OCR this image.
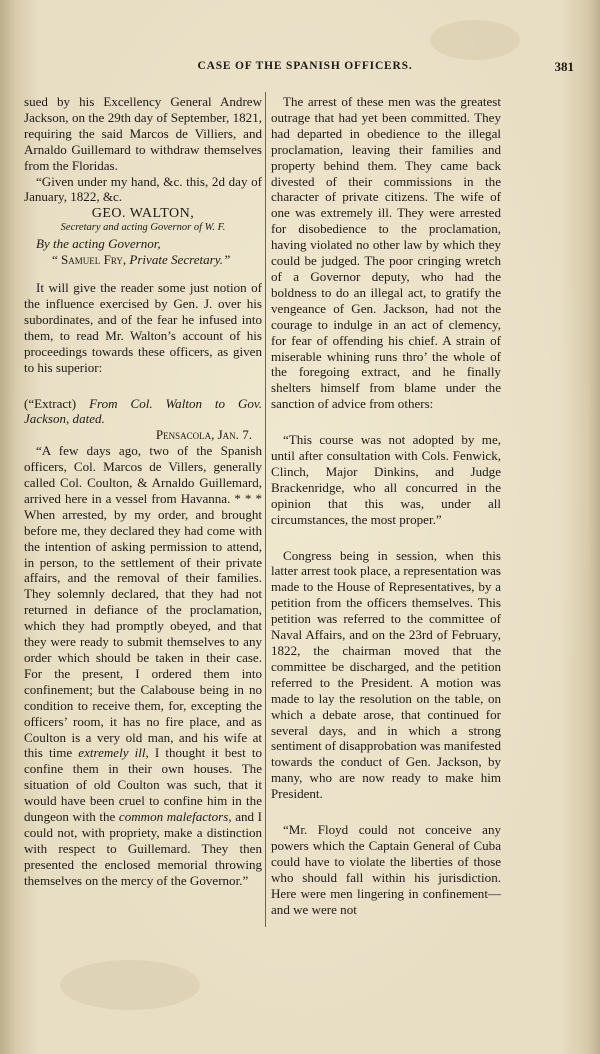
CASE OF THE SPANISH OFFICERS.	381

sued by his Excellency General Andrew Jackson, on the 29th day of September, 1821, requiring the said Marcos de Villiers, and Arnaldo Guillemard to withdraw themselves from the Floridas.

“Given under my hand, &c. this, 2d day of January, 1822, &c.

GEO. WALTON,

Secretary and acting Governor of W. F.

By the acting Governor,

“ Samuel Fry, Private Secretary.”

It will give the reader some just notion of the influence exercised by Gen. J. over his subordinates, and of the fear he infused into them, to read Mr. Walton’s account of his proceedings towards these officers, as given to his superior:

(“Extract) From Col. Walton to Gov. Jackson, dated.

Pensacola, Jan. 7.

“A few days ago, two of the Spanish officers, Col. Marcos de Villers, generally called Col. Coulton, & Arnaldo Guillemard, arrived here in a vessel from Havanna. * * * When arrested, by my order, and brought before me, they declared they had come with the intention of asking permission to attend, in person, to the settlement of their private affairs, and the removal of their families. They solemnly declared, that they had not returned in defiance of the proclamation, which they had promptly obeyed, and that they were ready to submit themselves to any order which should be taken in their case. For the present, I ordered them into confinement; but the Calabouse being in no condition to receive them, for, excepting the officers’ room, it has no fire place, and as Coulton is a very old man, and his wife at this time extremely ill, I thought it best to confine them in their own houses. The situation of old Coulton was such, that it would have been cruel to confine him in the dungeon with the common malefactors, and I could not, with propriety, make a distinction with respect to Guillemard. They then presented the enclosed memorial throwing themselves on the mercy of the Governor.”

The arrest of these men was the greatest outrage that had yet been committed. They had departed in obedience to the illegal proclamation, leaving their families and property behind them. They came back divested of their commissions in the character of private citizens. The wife of one was extremely ill. They were arrested for disobedience to the proclamation, having violated no other law by which they could be judged. The poor cringing wretch of a Governor deputy, who had the boldness to do an illegal act, to gratify the vengeance of Gen. Jackson, had not the courage to indulge in an act of clemency, for fear of offending his chief. A strain of miserable whining runs thro’ the whole of the foregoing extract, and he finally shelters himself from blame under the sanction of advice from others:

“This course was not adopted by me, until after consultation with Cols. Fenwick, Clinch, Major Dinkins, and Judge Brackenridge, who all concurred in the opinion that this was, under all circumstances, the most proper.”

Congress being in session, when this latter arrest took place, a representation was made to the House of Representatives, by a petition from the officers themselves. This petition was referred to the committee of Naval Affairs, and on the 23rd of February, 1822, the chairman moved that the committee be discharged, and the petition referred to the President. A motion was made to lay the resolution on the table, on which a debate arose, that continued for several days, and in which a strong sentiment of disapprobation was manifested towards the conduct of Gen. Jackson, by many, who are now ready to make him President.

“Mr. Floyd could not conceive any powers which the Captain General of Cuba could have to violate the liberties of those who should fall within his jurisdiction. Here were men lingering in confinement—and we were not
